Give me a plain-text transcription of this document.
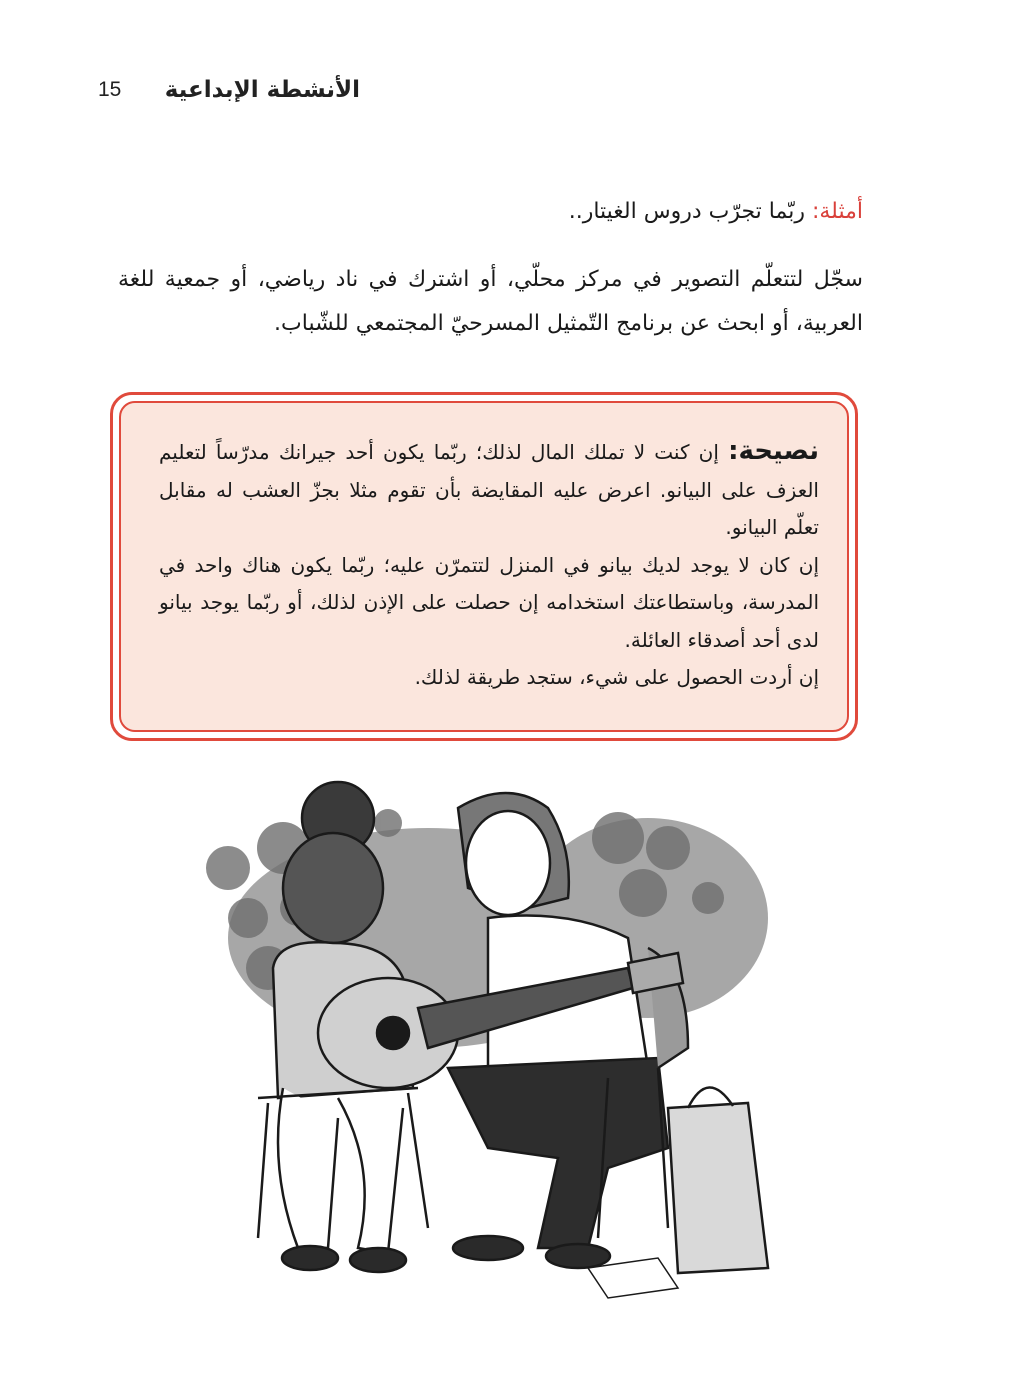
15 الأنشطة الإبداعية
أمثلة: ربّما تجرّب دروس الغيتار..
سجّل لتتعلّم التصوير في مركز محلّي، أو اشترك في ناد رياضي، أو جمعية للغة العربية، أو ابحث عن برنامج التّمثيل المسرحيّ المجتمعي للشّباب.

نصيحة: إن كنت لا تملك المال لذلك؛ ربّما يكون أحد جيرانك مدرّساً لتعليم العزف على البيانو. اعرض عليه المقايضة بأن تقوم مثلا بجزّ العشب له مقابل تعلّم البيانو.

إن كان لا يوجد لديك بيانو في المنزل لتتمرّن عليه؛ ربّما يكون هناك واحد في المدرسة، وباستطاعتك استخدامه إن حصلت على الإذن لذلك، أو ربّما يوجد بيانو لدى أحد أصدقاء العائلة.

إن أردت الحصول على شيء، ستجد طريقة لذلك.
